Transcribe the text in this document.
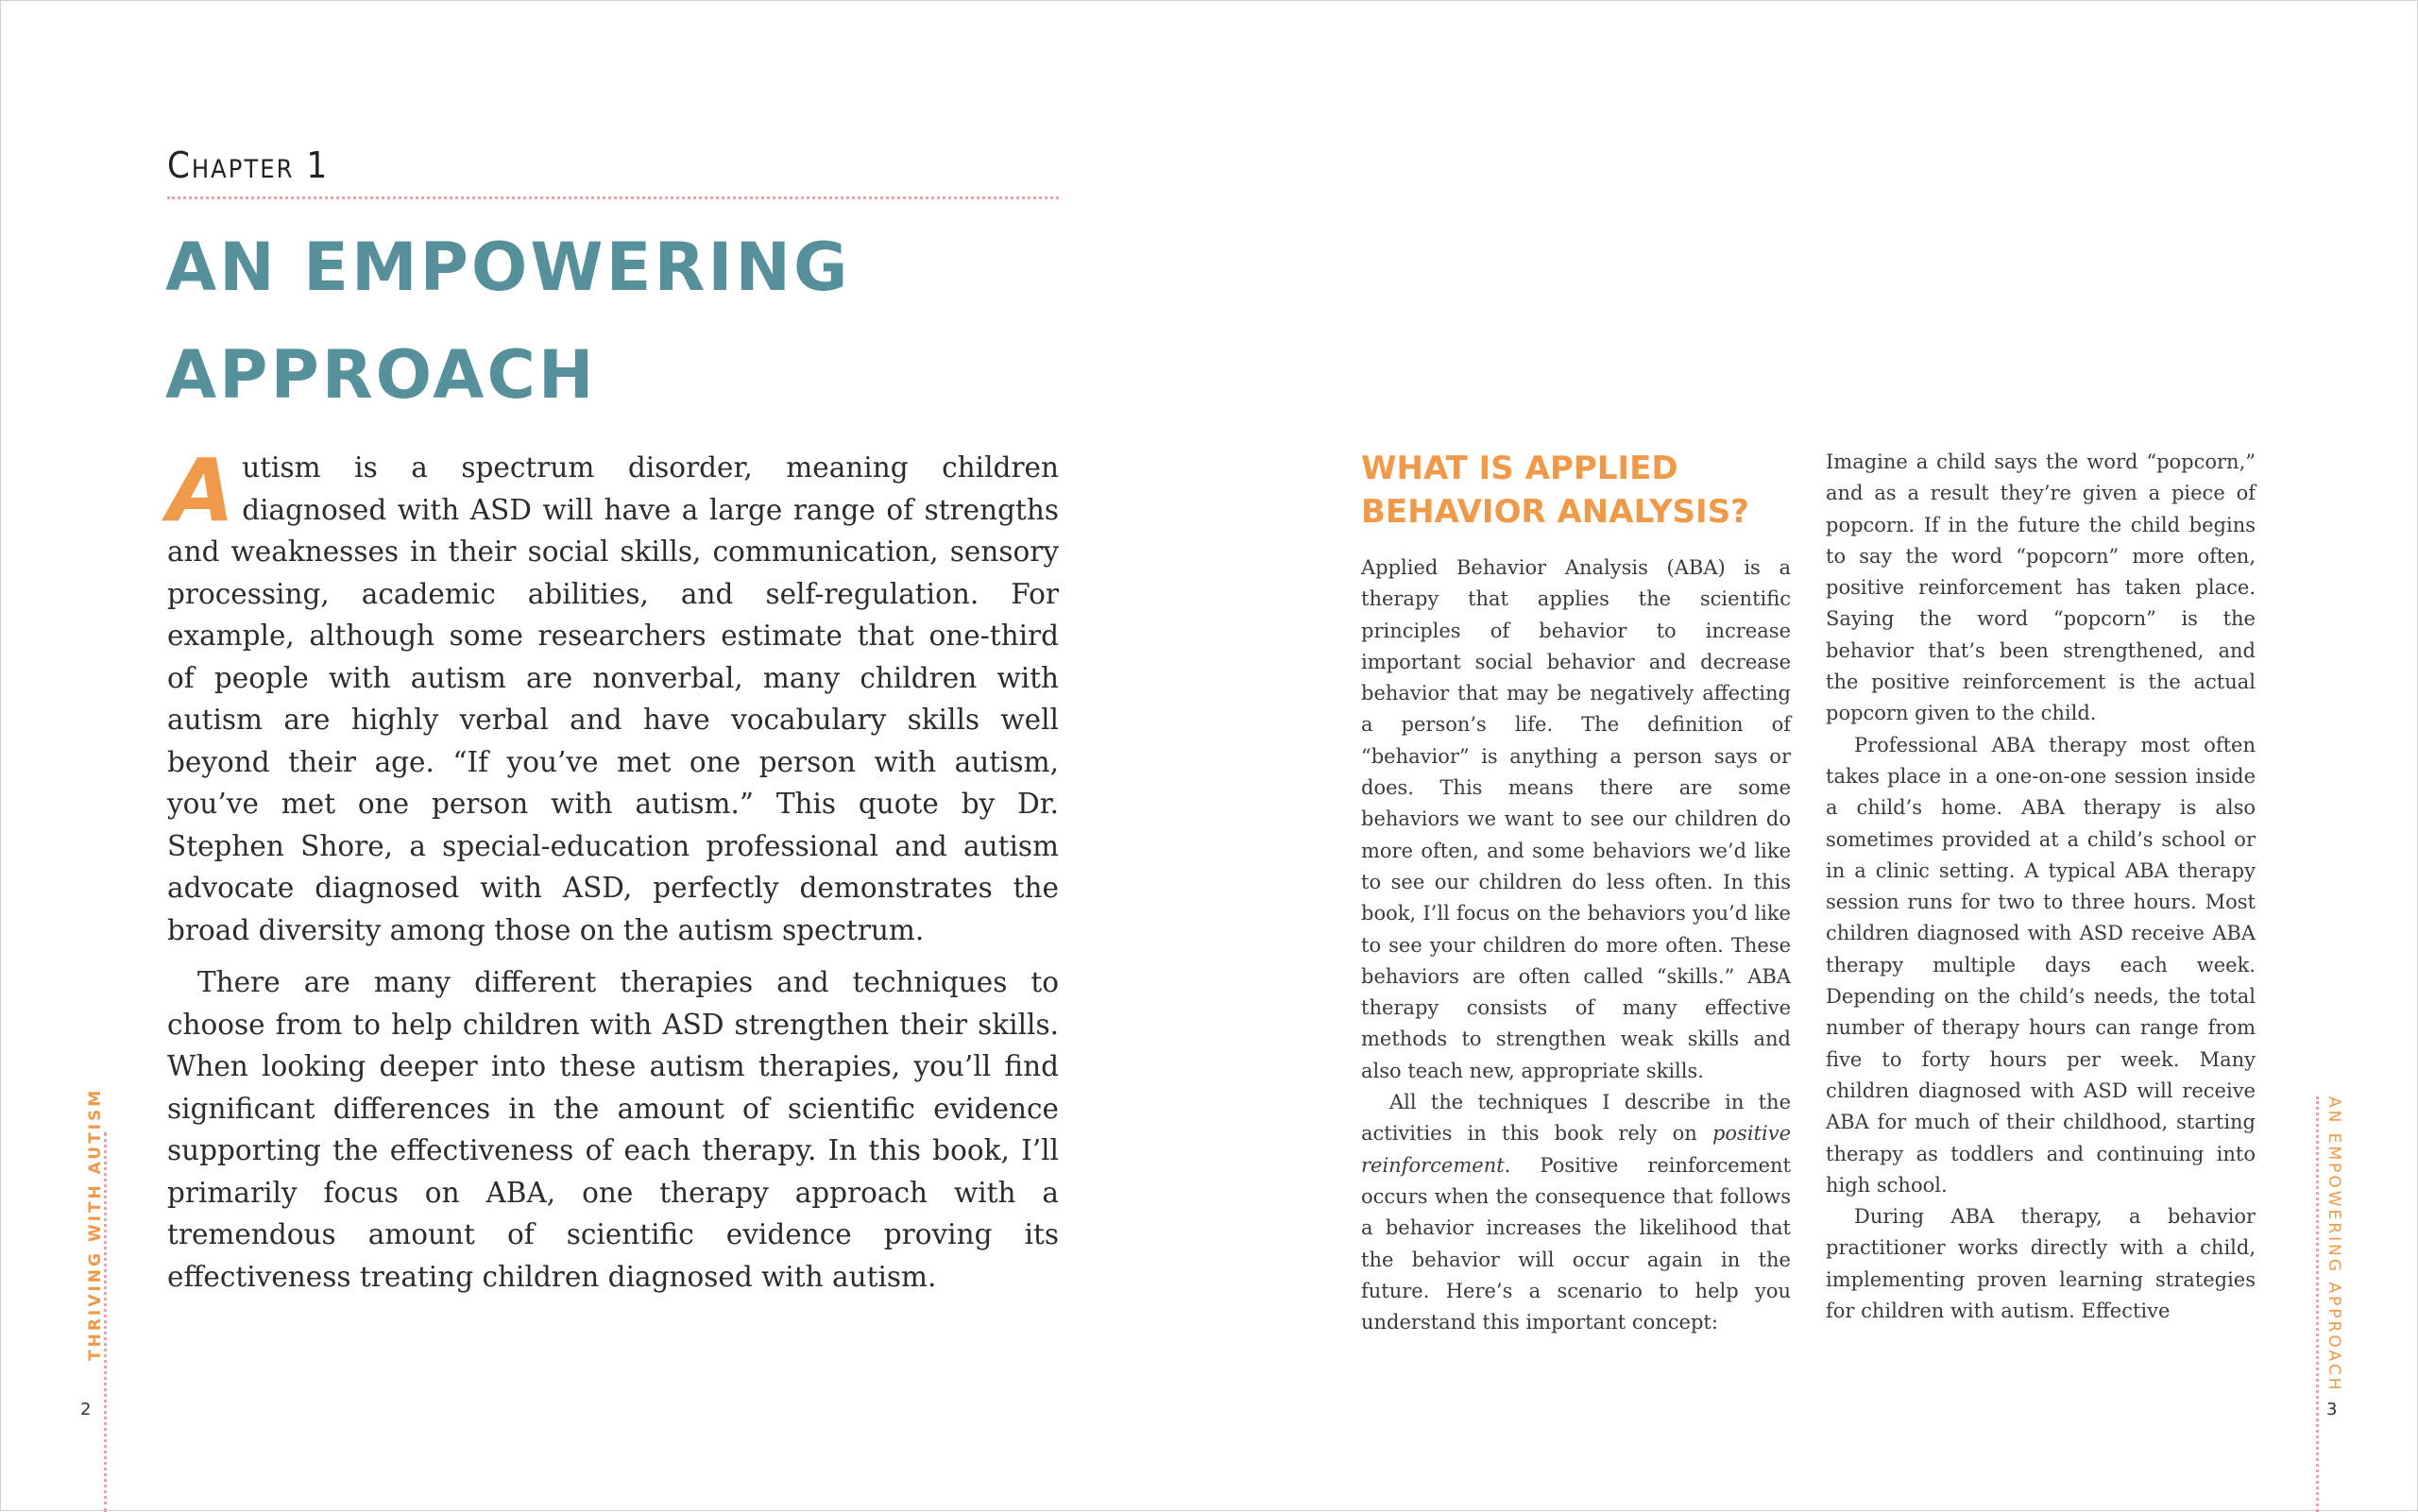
Chapter 1
AN EMPOWERING
APPROACH

Autism is a spectrum disorder, meaning children diagnosed with ASD will have a large range of strengths and weaknesses in their social skills, communication, sensory processing, academic abilities, and self-regulation. For example, although some researchers estimate that one-third of people with autism are nonverbal, many children with autism are highly verbal and have vocabulary skills well beyond their age. “If you’ve met one person with autism, you’ve met one person with autism.” This quote by Dr. Stephen Shore, a special-education professional and autism advocate diagnosed with ASD, perfectly demonstrates the broad diversity among those on the autism spectrum.

There are many different therapies and techniques to choose from to help children with ASD strengthen their skills. When looking deeper into these autism therapies, you’ll find significant differences in the amount of scientific evidence supporting the effectiveness of each therapy. In this book, I’ll primarily focus on ABA, one therapy approach with a tremendous amount of scientific evidence proving its effectiveness treating children diagnosed with autism.

THRIVING WITH AUTISM
2
WHAT IS APPLIED BEHAVIOR ANALYSIS?

Applied Behavior Analysis (ABA) is a therapy that applies the scientific principles of behavior to increase important social behavior and decrease behavior that may be negatively affecting a person’s life. The definition of “behavior” is anything a person says or does. This means there are some behaviors we want to see our children do more often, and some behaviors we’d like to see our children do less often. In this book, I’ll focus on the behaviors you’d like to see your children do more often. These behaviors are often called “skills.” ABA therapy consists of many effective methods to strengthen weak skills and also teach new, appropriate skills.

All the techniques I describe in the activities in this book rely on positive reinforcement. Positive reinforcement occurs when the consequence that follows a behavior increases the likelihood that the behavior will occur again in the future. Here’s a scenario to help you understand this important concept:

Imagine a child says the word “popcorn,” and as a result they’re given a piece of popcorn. If in the future the child begins to say the word “popcorn” more often, positive reinforcement has taken place. Saying the word “popcorn” is the behavior that’s been strengthened, and the positive reinforcement is the actual popcorn given to the child.

Professional ABA therapy most often takes place in a one-on-one session inside a child’s home. ABA therapy is also sometimes provided at a child’s school or in a clinic setting. A typical ABA therapy session runs for two to three hours. Most children diagnosed with ASD receive ABA therapy multiple days each week. Depending on the child’s needs, the total number of therapy hours can range from five to forty hours per week. Many children diagnosed with ASD will receive ABA for much of their childhood, starting therapy as toddlers and continuing into high school.

During ABA therapy, a behavior practitioner works directly with a child, implementing proven learning strategies for children with autism. Effective	AN EMPOWERING APPROACH
3
